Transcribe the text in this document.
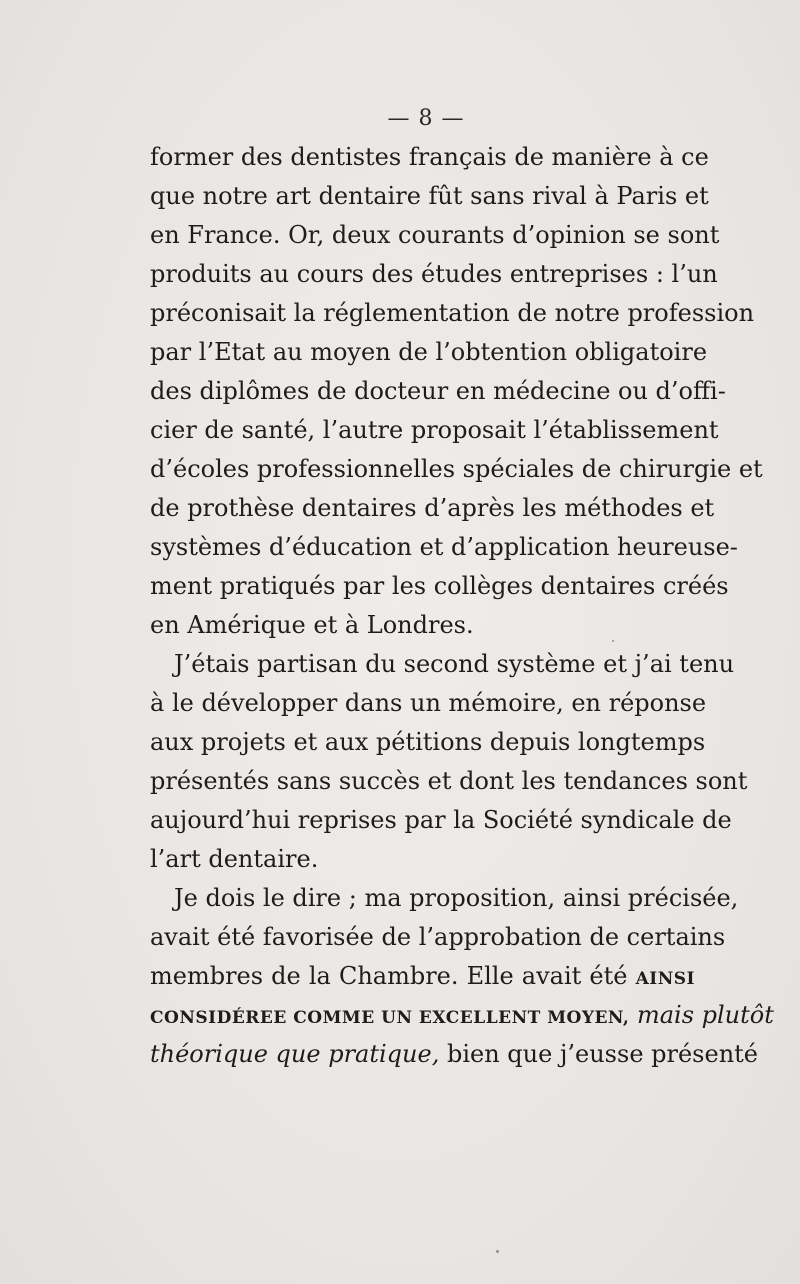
— 8 —
former des dentistes français de manière à ce
que notre art dentaire fût sans rival à Paris et
en France. Or, deux courants d’opinion se sont
produits au cours des études entreprises : l’un
préconisait la réglementation de notre profession
par l’Etat au moyen de l’obtention obligatoire
des diplômes de docteur en médecine ou d’offi-
cier de santé, l’autre proposait l’établissement
d’écoles professionnelles spéciales de chirurgie et
de prothèse dentaires d’après les méthodes et
systèmes d’éducation et d’application heureuse-
ment pratiqués par les collèges dentaires créés
en Amérique et à Londres.
J’étais partisan du second système et j’ai tenu
à le développer dans un mémoire, en réponse
aux projets et aux pétitions depuis longtemps
présentés sans succès et dont les tendances sont
aujourd’hui reprises par la Société syndicale de
l’art dentaire.
Je dois le dire ; ma proposition, ainsi précisée,
avait été favorisée de l’approbation de certains
membres de la Chambre. Elle avait été AINSI
CONSIDÉREE COMME UN EXCELLENT MOYEN, mais plutôt
théorique que pratique, bien que j’eusse présenté
